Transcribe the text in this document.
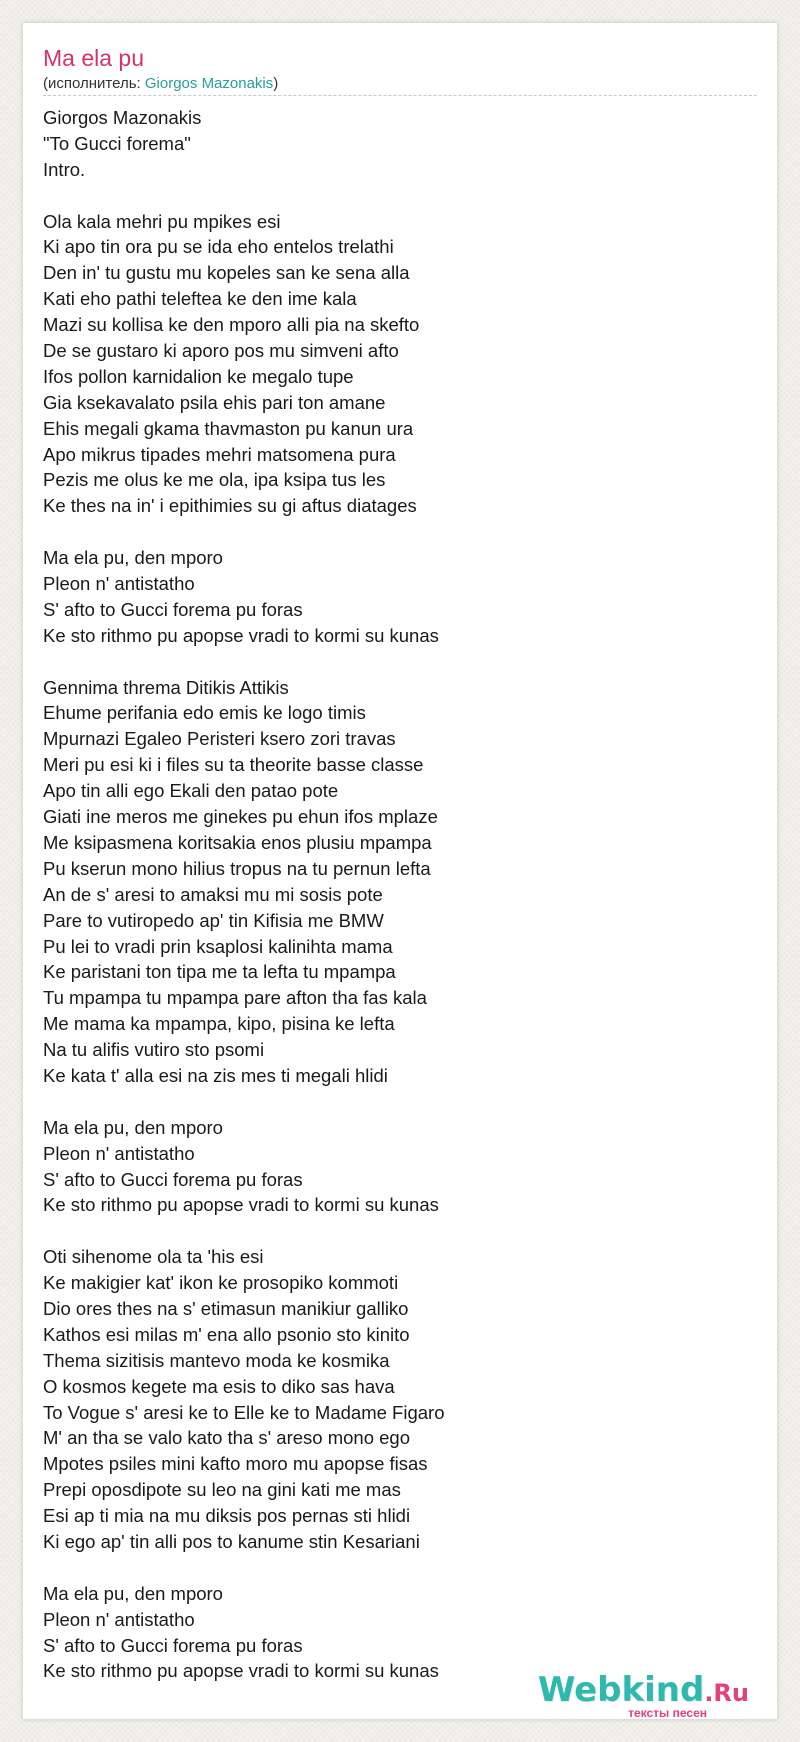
Ma ela pu
(исполнитель: Giorgos Mazonakis)
Giorgos Mazonakis
"To Gucci forema"
Intro.
Ola kala mehri pu mpikes esi
Ki apo tin ora pu se ida eho entelos trelathi
Den in' tu gustu mu kopeles san ke sena alla
Kati eho pathi teleftea ke den ime kala
Mazi su kollisa ke den mporo alli pia na skefto
De se gustaro ki aporo pos mu simveni afto
Ifos pollon karnidalion ke megalo tupe
Gia ksekavalato psila ehis pari ton amane
Ehis megali gkama thavmaston pu kanun ura
Apo mikrus tipades mehri matsomena pura
Pezis me olus ke me ola, ipa ksipa tus les
Ke thes na in' i epithimies su gi aftus diatages
Ma ela pu, den mporo
Pleon n' antistatho
S' afto to Gucci forema pu foras
Ke sto rithmo pu apopse vradi to kormi su kunas
Gennima threma Ditikis Attikis
Ehume perifania edo emis ke logo timis
Mpurnazi Egaleo Peristeri ksero zori travas
Meri pu esi ki i files su ta theorite basse classe
Apo tin alli ego Ekali den patao pote
Giati ine meros me ginekes pu ehun ifos mplaze
Me ksipasmena koritsakia enos plusiu mpampa
Pu kserun mono hilius tropus na tu pernun lefta
An de s' aresi to amaksi mu mi sosis pote
Pare to vutiropedo ap' tin Kifisia me BMW
Pu lei to vradi prin ksaplosi kalinihta mama
Ke paristani ton tipa me ta lefta tu mpampa
Tu mpampa tu mpampa pare afton tha fas kala
Me mama ka mpampa, kipo, pisina ke lefta
Na tu alifis vutiro sto psomi
Ke kata t' alla esi na zis mes ti megali hlidi
Ma ela pu, den mporo
Pleon n' antistatho
S' afto to Gucci forema pu foras
Ke sto rithmo pu apopse vradi to kormi su kunas
Oti sihenome ola ta 'his esi
Ke makigier kat' ikon ke prosopiko kommoti
Dio ores thes na s' etimasun manikiur galliko
Kathos esi milas m' ena allo psonio sto kinito
Thema sizitisis mantevo moda ke kosmika
O kosmos kegete ma esis to diko sas hava
To Vogue s' aresi ke to Elle ke to Madame Figaro
M' an tha se valo kato tha s' areso mono ego
Mpotes psiles mini kafto moro mu apopse fisas
Prepi oposdipote su leo na gini kati me mas
Esi ap ti mia na mu diksis pos pernas sti hlidi
Ki ego ap' tin alli pos to kanume stin Kesariani
Ma ela pu, den mporo
Pleon n' antistatho
S' afto to Gucci forema pu foras
Ke sto rithmo pu apopse vradi to kormi su kunas	Webkind.Ru
тексты песен
